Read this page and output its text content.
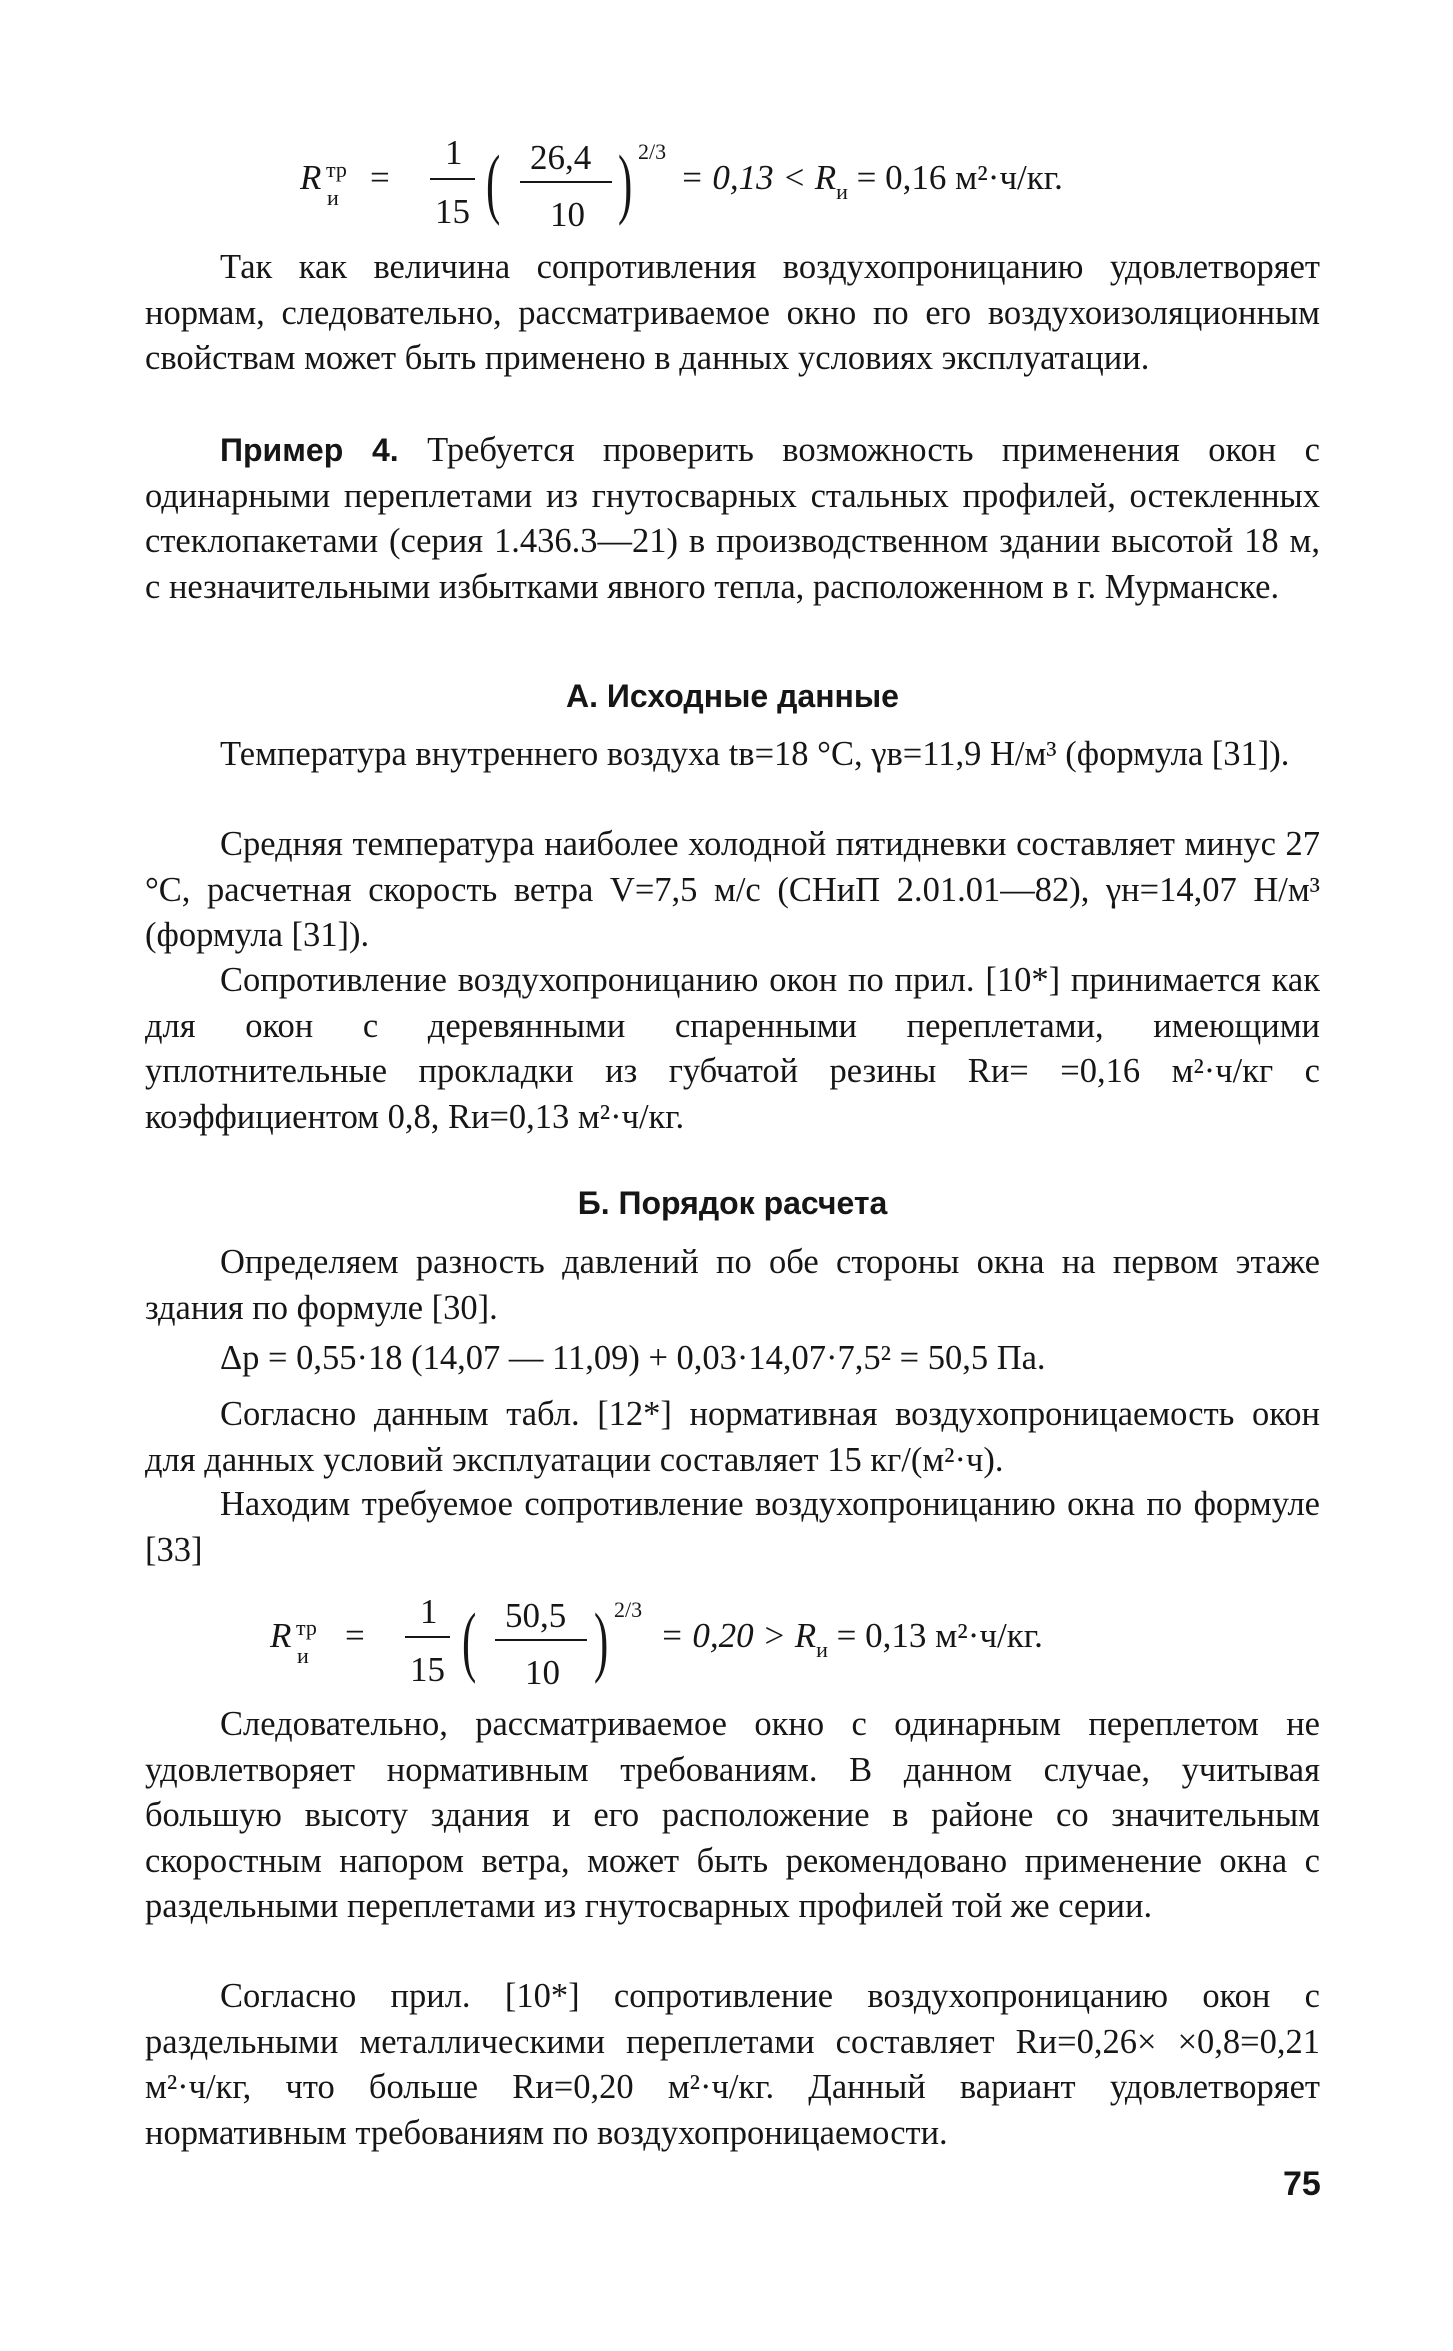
R тр
и
=
1
15 ( 26,4
10 ) 2/3
= $0,13 < R_и = 0,16$ м²·ч/кг.

Так как величина сопротивления воздухопроницанию удовлетворяет нормам, следовательно, рассматриваемое окно по его воздухоизоляционным свойствам может быть применено в данных условиях эксплуатации.

Пример 4. Требуется проверить возможность применения окон с одинарными переплетами из гнутосварных стальных профилей, остекленных стеклопакетами (серия 1.436.3—21) в производственном здании высотой 18 м, с незначительными избытками явного тепла, расположенном в г. Мурманске.

А. Исходные данные

Температура внутреннего воздуха tв=18 °С, γв=11,9 Н/м³ (формула [31]).

Средняя температура наиболее холодной пятидневки составляет минус 27 °С, расчетная скорость ветра V=7,5 м/с (СНиП 2.01.01—82), γн=14,07 Н/м³ (формула [31]).

Сопротивление воздухопроницанию окон по прил. [10*] принимается как для окон с деревянными спаренными переплетами, имеющими уплотнительные прокладки из губчатой резины Rи= =0,16 м²·ч/кг с коэффициентом 0,8, Rи=0,13 м²·ч/кг.

Б. Порядок расчета

Определяем разность давлений по обе стороны окна на первом этаже здания по формуле [30].

Δp = 0,55·18 (14,07 — 11,09) + 0,03·14,07·7,5² = 50,5 Па.

Согласно данным табл. [12*] нормативная воздухопроницаемость окон для данных условий эксплуатации составляет 15 кг/(м²·ч).

Находим требуемое сопротивление воздухопроницанию окна по формуле [33]

R тр
и
=
1
15 ( 50,5
10 ) 2/3
= $0,20 > R_и = 0,13$ м²·ч/кг.

Следовательно, рассматриваемое окно с одинарным переплетом не удовлетворяет нормативным требованиям. В данном случае, учитывая большую высоту здания и его расположение в районе со значительным скоростным напором ветра, может быть рекомендовано применение окна с раздельными переплетами из гнутосварных профилей той же серии.

Согласно прил. [10*] сопротивление воздухопроницанию окон с раздельными металлическими переплетами составляет Rи=0,26× ×0,8=0,21 м²·ч/кг, что больше Rи=0,20 м²·ч/кг. Данный вариант удовлетворяет нормативным требованиям по воздухопроницаемости.

75
